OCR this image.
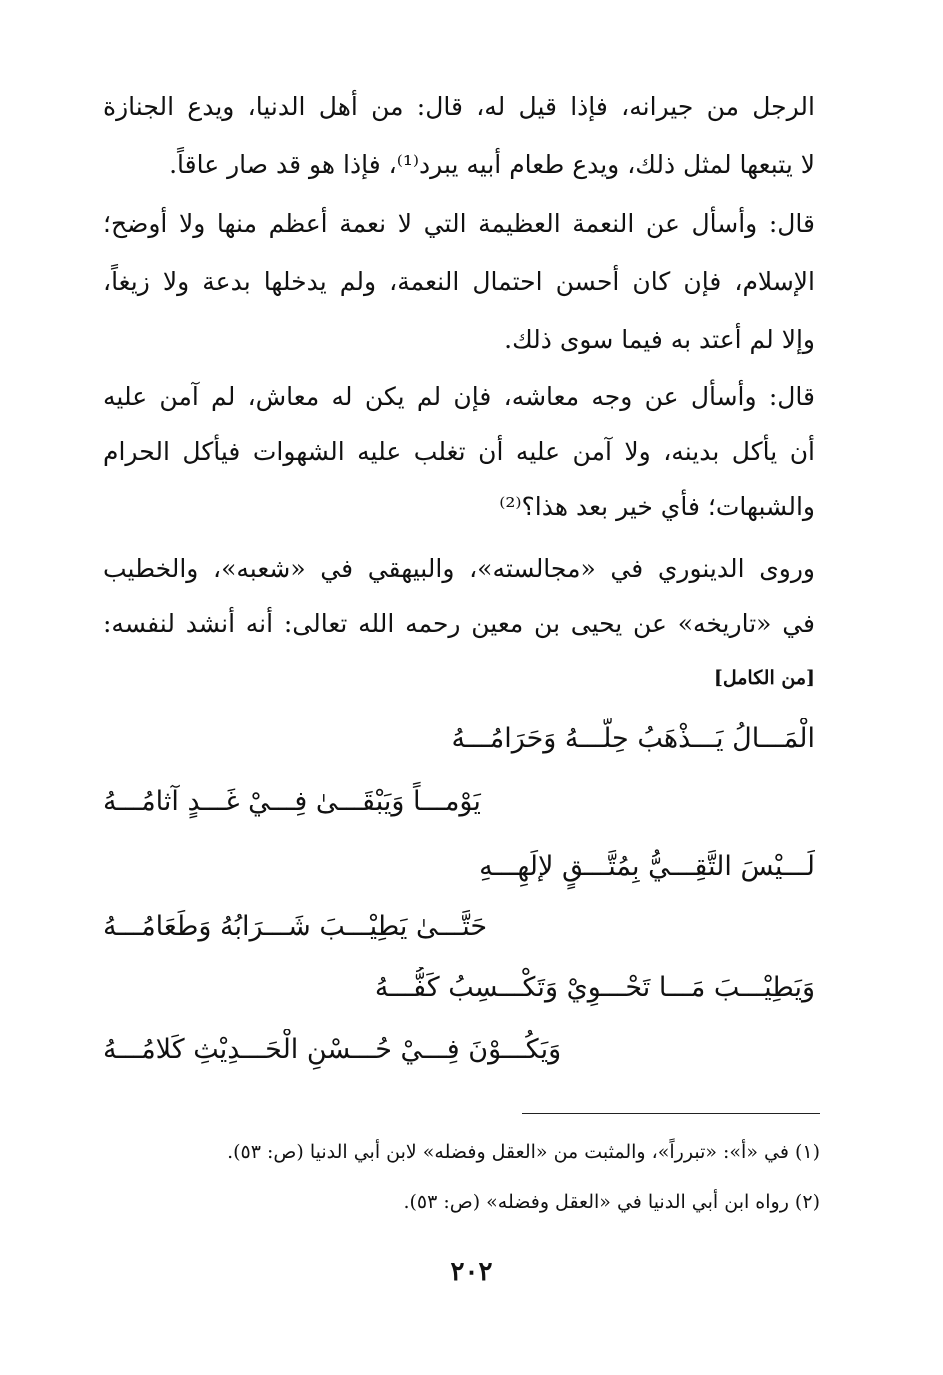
الرجل من جيرانه، فإذا قيل له، قال: من أهل الدنيا، ويدع الجنازة
لا يتبعها لمثل ذلك، ويدع طعام أبيه يبرد⁽¹⁾، فإذا هو قد صار عاقاً.
قال: وأسأل عن النعمة العظيمة التي لا نعمة أعظم منها ولا أوضح؛
الإسلام، فإن كان أحسن احتمال النعمة، ولم يدخلها بدعة ولا زيغاً،
وإلا لم أعتد به فيما سوى ذلك.
قال: وأسأل عن وجه معاشه، فإن لم يكن له معاش، لم آمن عليه
أن يأكل بدينه، ولا آمن عليه أن تغلب عليه الشهوات فيأكل الحرام
والشبهات؛ فأي خير بعد هذا؟⁽²⁾
وروى الدينوري في «مجالسته»، والبيهقي في «شعبه»، والخطيب
في «تاريخه» عن يحيى بن معين رحمه الله تعالى: أنه أنشد لنفسه:
[من الكامل]
الْمَـــالُ يَـــذْهَبُ حِلُّـــهُ وَحَرَامُـــهُ
يَوْمـــاً وَيَبْقَـــىٰ فِـــيْ غَـــدٍ آثامُـــهُ
لَـــيْسَ التَّقِـــيُّ بِمُتَّـــقٍ لإلَهِـــهِ
حَتَّـــىٰ يَطِيْـــبَ شَـــرَابُهُ وَطَعَامُـــهُ
وَيَطِيْـــبَ مَـــا تَحْـــوِيْ وَتَكْـــسِبُ كَفُّـــهُ
وَيَكُـــوْنَ فِـــيْ حُـــسْنِ الْحَـــدِيْثِ كَلامُـــهُ
(١) في «أ»: «تبرراً»، والمثبت من «العقل وفضله» لابن أبي الدنيا (ص: ٥٣).
(٢) رواه ابن أبي الدنيا في «العقل وفضله» (ص: ٥٣).
٢٠٢
